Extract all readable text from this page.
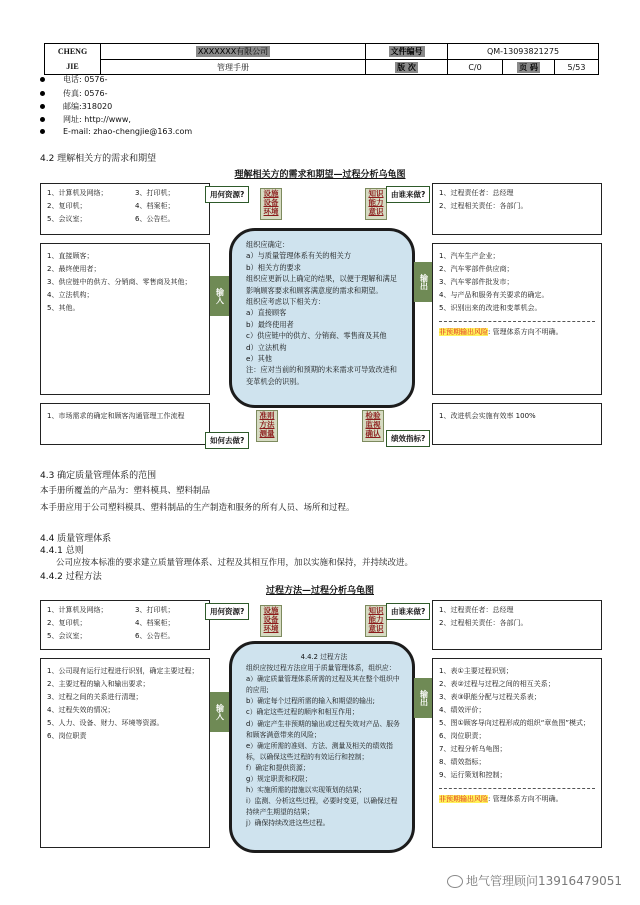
CHENG
JIE
XXXXXXX有限公司
管理手册
文件编号	QM-13093821275
版 次	C/0	页 码	5/53
电话: 0576-
传真: 0576-
邮编:318020
网址: http://www,
E-mail: zhao-chengjie@163.com
4.2 理解相关方的需求和期望
理解相关方的需求和期望—过程分析乌龟图
1、计算机及网络；	3、打印机；
2、复印机；	4、档案柜；
5、会议室；	6、公告栏。
用何资源?	设施
设备
环境
1、过程责任者：总经理
2、过程相关责任：各部门。
知识
能力
意识
由谁来做?
1、直接顾客；
2、最终使用者；
3、供应链中的供方、分销商、零售商及其他；
4、立法机构；
5、其他。
输入
组织应确定：
a）与质量管理体系有关的相关方
b）相关方的要求
组织应更新以上确定的结果，以便于理解和满足影响顾客要求和顾客满意度的需求和期望。
组织应考虑以下相关方：
a）直接顾客
b）最终使用者
c）供应链中的供方、分销商、零售商及其他
d）立法机构
e）其他
注：应对当前的和预期的未来需求可导致改进和变革机会的识别。
输出
1、汽车生产企业；
2、汽车零部件供应商；
3、汽车零部件批发市；
4、与产品和服务有关要求的确定。
5、识别出来的改进和变革机会。
非预期输出风险: 管理体系方向不明确。
1、市场需求的确定和顾客沟通管理工作流程	准则
方法
测量
如何去做?
检验
监视
确认
绩效指标?
1、改进机会实施有效率 100%
4.3 确定质量管理体系的范围
本手册所覆盖的产品为：塑料模具、塑料制品
本手册应用于公司塑料模具、塑料制品的生产制造和服务的所有人员、场所和过程。
4.4 质量管理体系
4.4.1 总则
公司应按本标准的要求建立质量管理体系、过程及其相互作用，加以实施和保持，并持续改进。
4.4.2 过程方法
过程方法—过程分析乌龟图
1、计算机及网络；	3、打印机；
2、复印机；	4、档案柜；
5、会议室；	6、公告栏。
用何资源?	设施
设备
环境
1、过程责任者：总经理
2、过程相关责任：各部门。
知识
能力
意识
由谁来做?
1、公司现有运行过程进行识别，确定主要过程；
2、主要过程的输入和输出要求；
3、过程之间的关系进行清理；
4、过程失效的情况；
5、人力、设备、财力、环境等资源。
6、岗位职责
输入
4.4.2 过程方法
组织应按过程方法应用于质量管理体系，组织应：
a）确定质量管理体系所需的过程及其在整个组织中的应用;
b）确定每个过程所需的输入和期望的输出;
c）确定这些过程的顺序和相互作用；
d）确定产生非预期的输出或过程失效对产品、服务和顾客满意带来的风险；
e）确定所需的准则、方法、测量及相关的绩效指标，以确保这些过程的有效运行和控制；
f）确定和提供资源；
g）规定职责和权限；
h）实施所需的措施以实现策划的结果；
i）监测、分析这些过程，必要时变更，以确保过程持续产生期望的结果；
j）确保持续改进这些过程。
输出
1、表①主要过程识别；
2、表②过程与过程之间的相互关系；
3、表③职能分配与过程关系表；
4、绩效评价；
5、图①顾客导向过程形成的组织“章鱼图”模式；
6、岗位职责；
7、过程分析乌龟图；
8、绩效指标；
9、运行策划和控制；
非预期输出风险: 管理体系方向不明确。
地气管理顾问13916479051
